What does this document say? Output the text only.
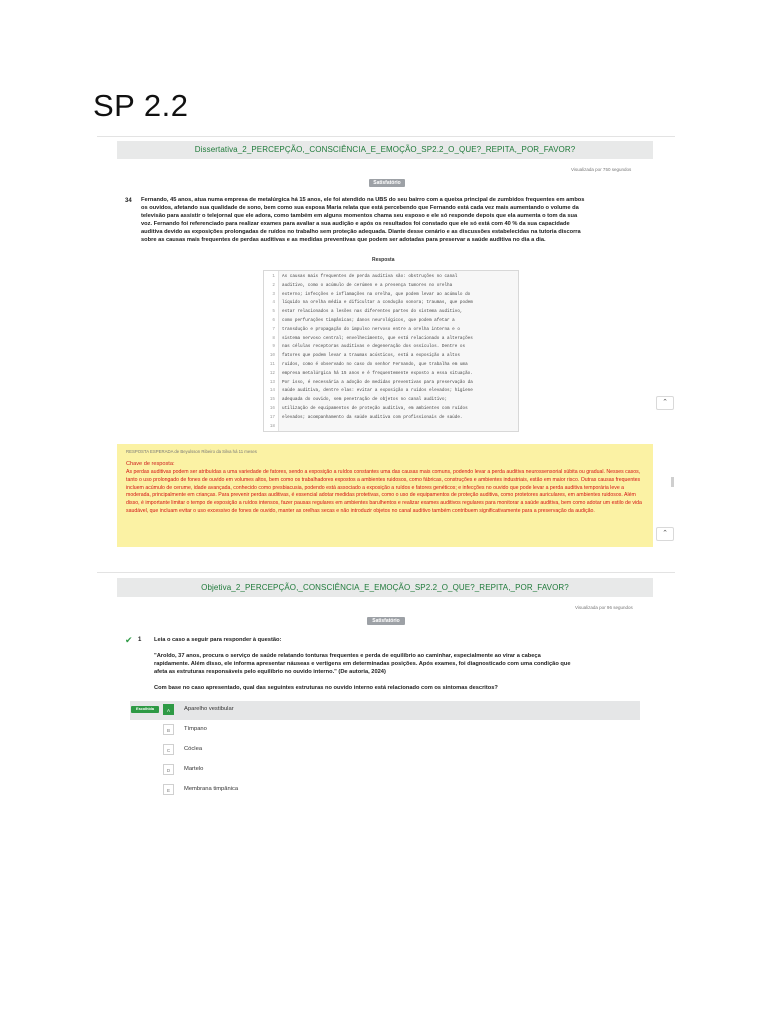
SP 2.2
Dissertativa_2_PERCEPÇÃO,_CONSCIÊNCIA_E_EMOÇÃO_SP2.2_O_QUE?_REPITA,_POR_FAVOR?
Visualizada por 750 segundos
Satisfatório
34 Fernando, 45 anos, atua numa empresa de metalúrgica há 15 anos, ele foi atendido na UBS do seu bairro com a queixa principal de zumbidos frequentes em ambos
os ouvidos, afetando sua qualidade de sono, bem como sua esposa Maria relata que está percebendo que Fernando está cada vez mais aumentando o volume da
televisão para assistir o telejornal que ele adora, como também em alguns momentos chama seu esposo e ele só responde depois que ela aumenta o tom da sua
voz. Fernando foi referenciado para realizar exames para avaliar a sua audição e após os resultados foi constado que ele só está com 40 % da sua capacidade
auditiva devido as exposições prolongadas de ruídos no trabalho sem proteção adequada. Diante desse cenário e as discussões estabelecidas na tutoria discorra
sobre as causas mais frequentes de perdas auditivas e as medidas preventivas que podem ser adotadas para preservar a saúde auditiva no dia a dia.
Resposta
1 As causas mais frequentes de perda auditiva são: obstruções no canal
2 auditivo, como o acúmulo de cerúmen e a presença tumores no orelha
3 externo; infecções e inflamações na orelha, que podem levar ao acúmulo do
4 líquido na orelha média e dificultar a condução sonora; traumas, que podem
5 estar relacionados a lesões nas diferentes partes do sistema auditivo,
6 como perfurações timpânicas; danos neurológicos, que podem afetar a
7 transdução e propagação do impulso nervoso entre a orelha interna e o
8 sistema nervoso central; envelhecimento, que está relacionado a alterações
9 nas células receptoras auditivas e degeneração dos ossículos. Dentre os
10 fatores que podem levar a traumas acústicos, está a exposição a altos
11 ruídos, como é observado no caso do senhor Fernando, que trabalha em uma
12 empresa metalúrgica há 15 anos e é frequentemente exposto a essa situação.
13 Por isso, é necessária a adoção de medidas preventivas para preservação da
14 saúde auditiva, dentre elas: evitar a exposição a ruídos elevados; higiene
15 adequada do ouvido, sem penetração de objetos no canal auditivo;
16 utilização de equipamentos de proteção auditiva, em ambientes com ruídos
17 elevados; acompanhamento da saúde auditiva com profissionais de saúde.
18
⌃
RESPOSTA ESPERADA de Beyulsson Ribeiro da Silva há 11 meses
Chave de resposta:
As perdas auditivas podem ser atribuídas a uma variedade de fatores, sendo a exposição a ruídos constantes uma das causas mais comuns, podendo levar a perda auditiva neurossensorial súbita ou gradual. Nesses casos, tanto o uso prolongado de fones de ouvido em volumes altos, bem como os trabalhadores expostos a ambientes ruidosos, como fábricas, construções e ambientes industriais, estão em maior risco. Outras causas frequentes incluem acúmulo de cerume, idade avançada, conhecido como presbiacusia, podendo está associado a exposição a ruídos e fatores genéticos; e infecções no ouvido que pode levar a perda auditiva temporária leve a moderada, principalmente em crianças. Para prevenir perdas auditivas, é essencial adotar medidas protetivas, como o uso de equipamentos de proteção auditiva, como protetores auriculares, em ambientes ruidosos. Além disso, é importante limitar o tempo de exposição a ruídos intensos, fazer pausas regulares em ambientes barulhentos e realizar exames auditivos regulares para monitorar a saúde auditiva, bem como adotar um estilo de vida saudável, que incluam evitar o uso excessivo de fones de ouvido, manter as orelhas secas e não introduzir objetos no canal auditivo também contribuem significativamente para a preservação da audição.
⌃
Objetiva_2_PERCEPÇÃO,_CONSCIÊNCIA_E_EMOÇÃO_SP2.2_O_QUE?_REPITA,_POR_FAVOR?
Visualizada por 96 segundos
Satisfatório
✔ 1 Leia o caso a seguir para responder à questão:
"Aroldo, 37 anos, procura o serviço de saúde relatando tonturas frequentes e perda de equilíbrio ao caminhar, especialmente ao virar a cabeça
rapidamente. Além disso, ele informa apresentar náuseas e vertigens em determinadas posições. Após exames, foi diagnosticado com uma condição que
afeta as estruturas responsáveis pelo equilíbrio no ouvido interno." (De autoria, 2024)
Com base no caso apresentado, qual das seguintes estruturas no ouvido interno está relacionado com os sintomas descritos?
Escolhida	A	Aparelho vestibular
B	Tímpano
C	Cóclea
D	Martelo
E	Membrana timpânica
